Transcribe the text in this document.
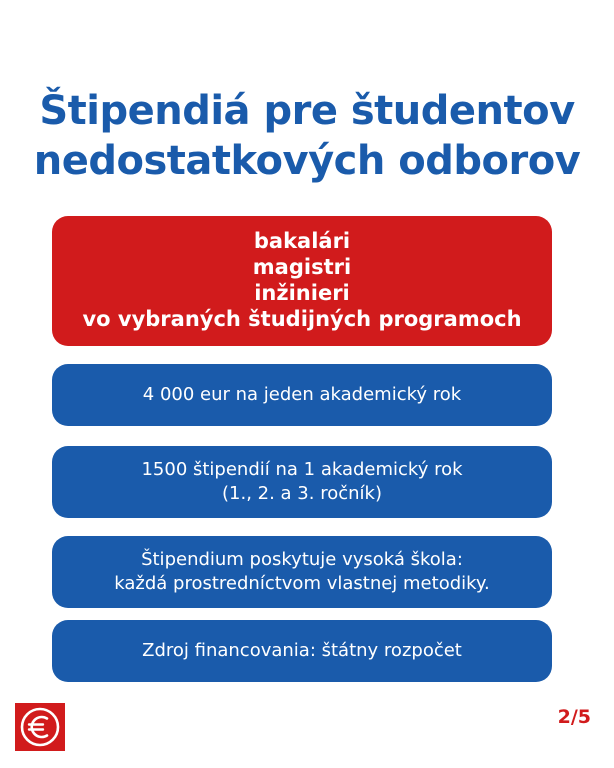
Štipendiá pre študentov
nedostatkových odborov
bakalári
magistri
inžinieri
vo vybraných študijných programoch
4 000 eur na jeden akademický rok
1500 štipendií na 1 akademický rok
(1., 2. a 3. ročník)
Štipendium poskytuje vysoká škola:
každá prostredníctvom vlastnej metodiky.
Zdroj financovania: štátny rozpočet
2/5
